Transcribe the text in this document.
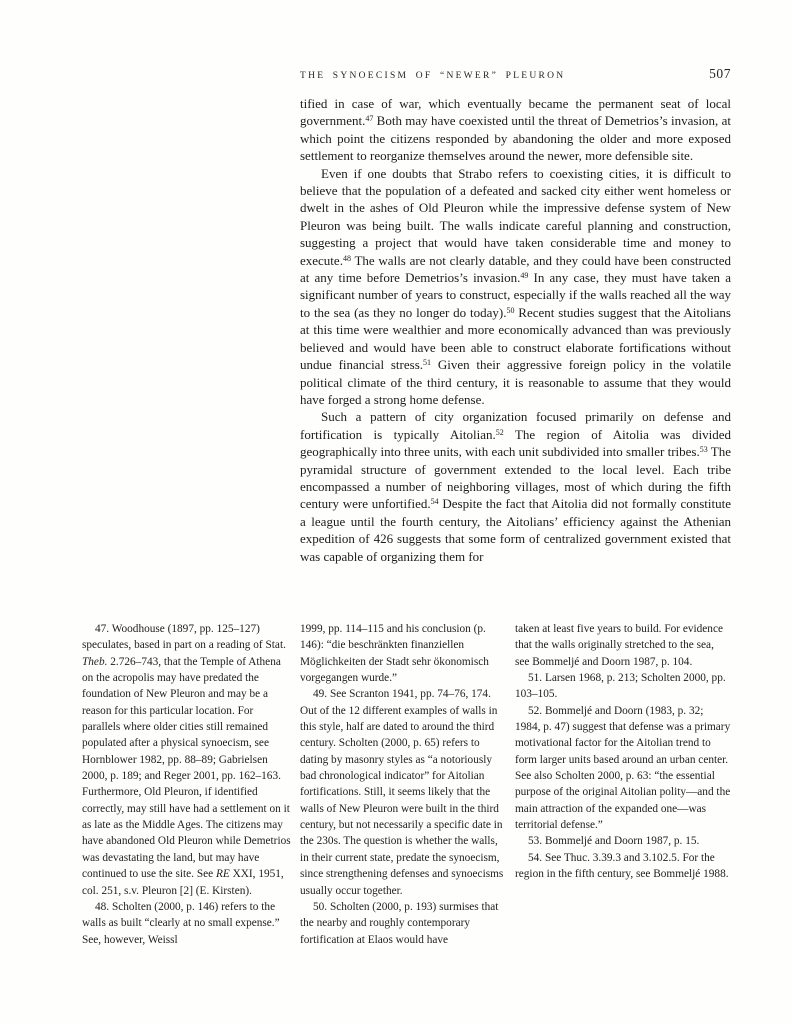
THE SYNOECISM OF “NEWER” PLEURON	507

tified in case of war, which eventually became the permanent seat of local government.$^{47}$ Both may have coexisted until the threat of Demetrios’s invasion, at which point the citizens responded by abandoning the older and more exposed settlement to reorganize themselves around the newer, more defensible site.

Even if one doubts that Strabo refers to coexisting cities, it is difficult to believe that the population of a defeated and sacked city either went homeless or dwelt in the ashes of Old Pleuron while the impressive defense system of New Pleuron was being built. The walls indicate careful planning and construction, suggesting a project that would have taken considerable time and money to execute.$^{48}$ The walls are not clearly datable, and they could have been constructed at any time before Demetrios’s invasion.$^{49}$ In any case, they must have taken a significant number of years to construct, especially if the walls reached all the way to the sea (as they no longer do today).$^{50}$ Recent studies suggest that the Aitolians at this time were wealthier and more economically advanced than was previously believed and would have been able to construct elaborate fortifications without undue financial stress.$^{51}$ Given their aggressive foreign policy in the volatile political climate of the third century, it is reasonable to assume that they would have forged a strong home defense.

Such a pattern of city organization focused primarily on defense and fortification is typically Aitolian.$^{52}$ The region of Aitolia was divided geographically into three units, with each unit subdivided into smaller tribes.$^{53}$ The pyramidal structure of government extended to the local level. Each tribe encompassed a number of neighboring villages, most of which during the fifth century were unfortified.$^{54}$ Despite the fact that Aitolia did not formally constitute a league until the fourth century, the Aitolians’ efficiency against the Athenian expedition of 426 suggests that some form of centralized government existed that was capable of organizing them for

47. Woodhouse (1897, pp. 125–127) speculates, based in part on a reading of Stat. Theb. 2.726–743, that the Temple of Athena on the acropolis may have predated the foundation of New Pleuron and may be a reason for this particular location. For parallels where older cities still remained populated after a physical synoecism, see Hornblower 1982, pp. 88–89; Gabrielsen 2000, p. 189; and Reger 2001, pp. 162–163. Furthermore, Old Pleuron, if identified correctly, may still have had a settlement on it as late as the Middle Ages. The citizens may have abandoned Old Pleuron while Demetrios was devastating the land, but may have continued to use the site. See RE XXI, 1951, col. 251, s.v. Pleuron [2] (E. Kirsten).

48. Scholten (2000, p. 146) refers to the walls as built “clearly at no small expense.” See, however, Weissl

1999, pp. 114–115 and his conclusion (p. 146): “die beschränkten finanziellen Möglichkeiten der Stadt sehr ökonomisch vorgegangen wurde.”

49. See Scranton 1941, pp. 74–76, 174. Out of the 12 different examples of walls in this style, half are dated to around the third century. Scholten (2000, p. 65) refers to dating by masonry styles as “a notoriously bad chronological indicator” for Aitolian fortifications. Still, it seems likely that the walls of New Pleuron were built in the third century, but not necessarily a specific date in the 230s. The question is whether the walls, in their current state, predate the synoecism, since strengthening defenses and synoecisms usually occur together.

50. Scholten (2000, p. 193) surmises that the nearby and roughly contemporary fortification at Elaos would have

taken at least five years to build. For evidence that the walls originally stretched to the sea, see Bommeljé and Doorn 1987, p. 104.

51. Larsen 1968, p. 213; Scholten 2000, pp. 103–105.

52. Bommeljé and Doorn (1983, p. 32; 1984, p. 47) suggest that defense was a primary motivational factor for the Aitolian trend to form larger units based around an urban center. See also Scholten 2000, p. 63: “the essential purpose of the original Aitolian polity—and the main attraction of the expanded one—was territorial defense.”

53. Bommeljé and Doorn 1987, p. 15.

54. See Thuc. 3.39.3 and 3.102.5. For the region in the fifth century, see Bommeljé 1988.
